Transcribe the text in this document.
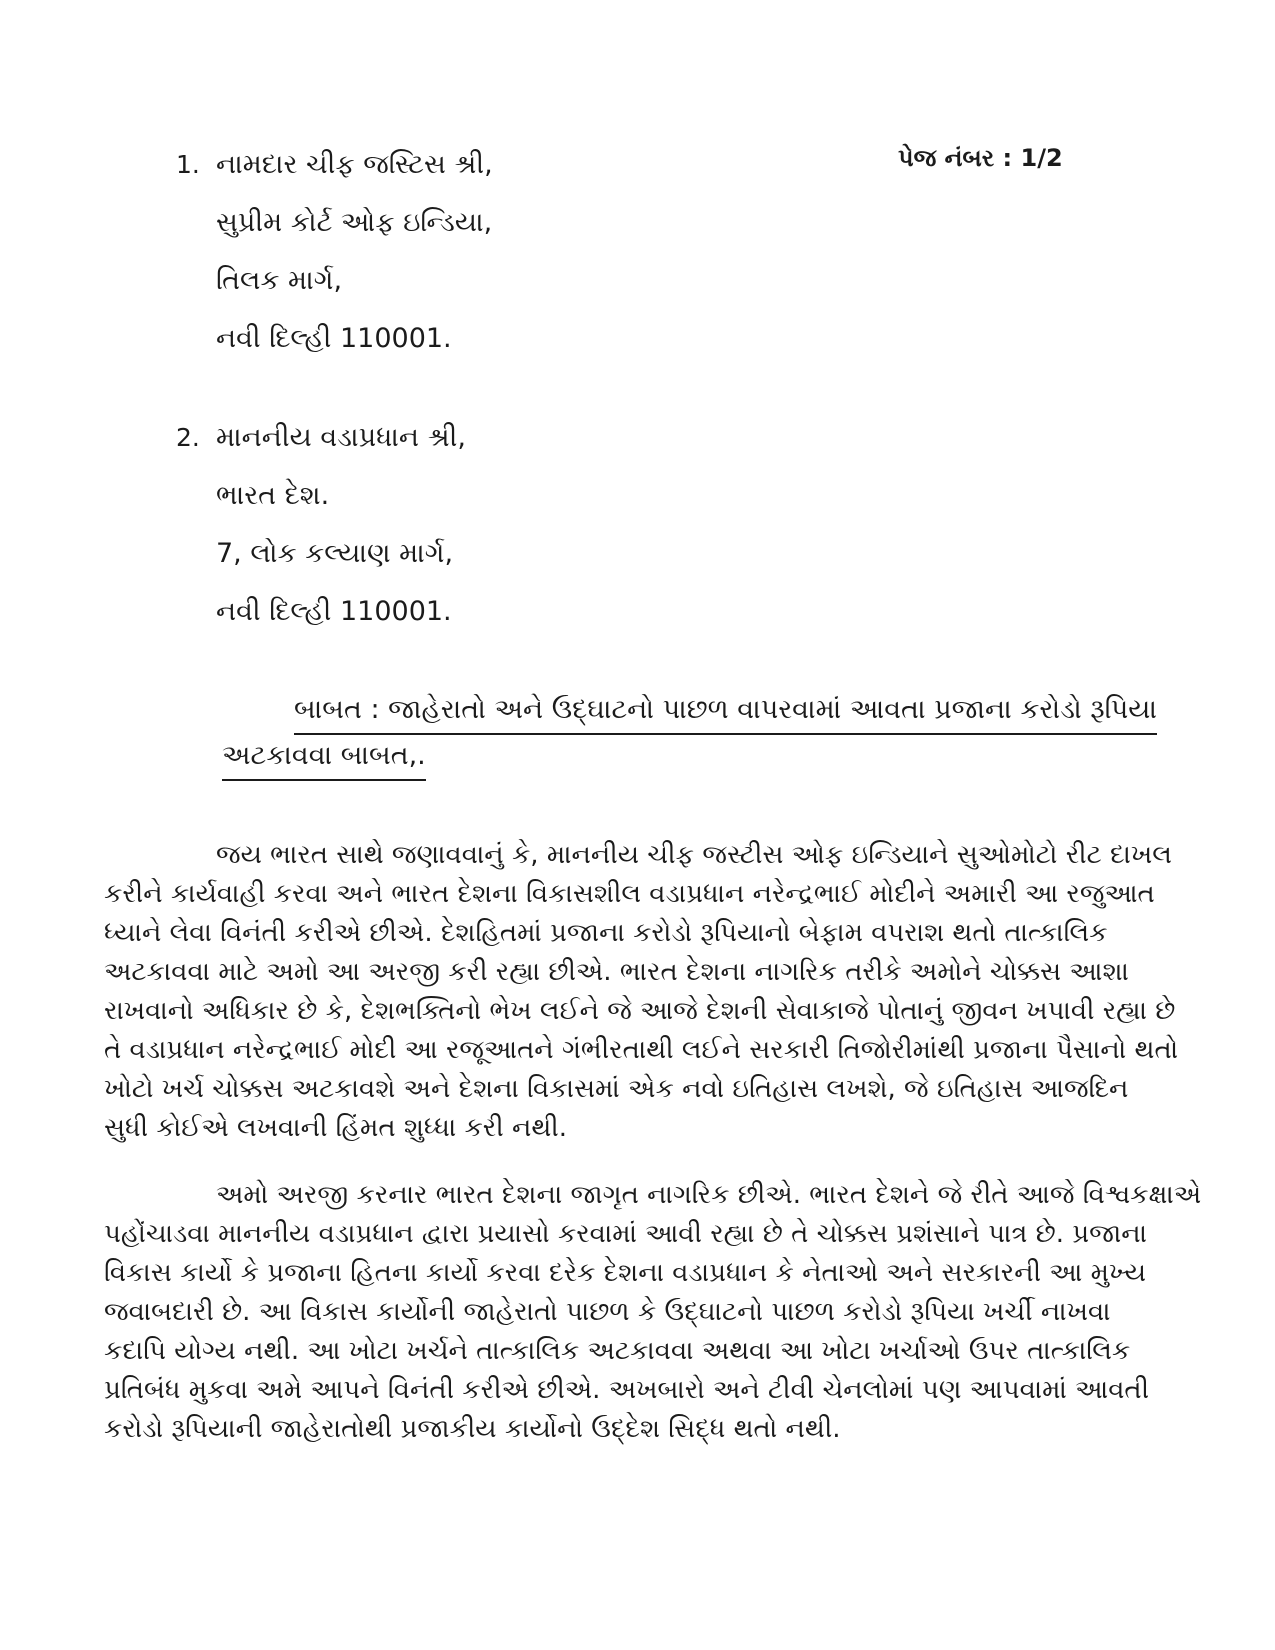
પેજ નંબર : 1/2
1. નામદાર ચીફ જસ્ટિસ શ્રી,
સુપ્રીમ કોર્ટ ઓફ ઇન્ડિયા,
તિલક માર્ગ,
નવી દિલ્હી 110001.
2. માનનીય વડાપ્રધાન શ્રી,
ભારત દેશ.
7, લોક કલ્યાણ માર્ગ,
નવી દિલ્હી 110001.
બાબત : જાહેરાતો અને ઉદ્ઘાટનો પાછળ વાપરવામાં આવતા પ્રજાના કરોડો રૂપિયા
અટકાવવા બાબત,.
જય ભારત સાથે જણાવવાનું કે, માનનીય ચીફ જસ્ટીસ ઓફ ઇન્ડિયાને સુઓમોટો રીટ દાખલ
કરીને કાર્યવાહી કરવા અને ભારત દેશના વિકાસશીલ વડાપ્રધાન નરેન્દ્રભાઈ મોદીને અમારી આ રજુઆત
ધ્યાને લેવા વિનંતી કરીએ છીએ. દેશહિતમાં પ્રજાના કરોડો રૂપિયાનો બેફામ વપરાશ થતો તાત્કાલિક
અટકાવવા માટે અમો આ અરજી કરી રહ્યા છીએ. ભારત દેશના નાગરિક તરીકે અમોને ચોક્કસ આશા
રાખવાનો અધિકાર છે કે, દેશભક્તિનો ભેખ લઈને જે આજે દેશની સેવાકાજે પોતાનું જીવન ખપાવી રહ્યા છે
તે વડાપ્રધાન નરેન્દ્રભાઈ મોદી આ રજૂઆતને ગંભીરતાથી લઈને સરકારી તિજોરીમાંથી પ્રજાના પૈસાનો થતો
ખોટો ખર્ચ ચોક્કસ અટકાવશે અને દેશના વિકાસમાં એક નવો ઇતિહાસ લખશે, જે ઇતિહાસ આજદિન
સુધી કોઈએ લખવાની હિંમત શુધ્ધા કરી નથી.
અમો અરજી કરનાર ભારત દેશના જાગૃત નાગરિક છીએ. ભારત દેશને જે રીતે આજે વિશ્વકક્ષાએ
પહોંચાડવા માનનીય વડાપ્રધાન દ્વારા પ્રયાસો કરવામાં આવી રહ્યા છે તે ચોક્કસ પ્રશંસાને પાત્ર છે. પ્રજાના
વિકાસ કાર્યો કે પ્રજાના હિતના કાર્યો કરવા દરેક દેશના વડાપ્રધાન કે નેતાઓ અને સરકારની આ મુખ્ય
જવાબદારી છે. આ વિકાસ કાર્યોની જાહેરાતો પાછળ કે ઉદ્ઘાટનો પાછળ કરોડો રૂપિયા ખર્ચી નાખવા
કદાપિ યોગ્ય નથી. આ ખોટા ખર્ચને તાત્કાલિક અટકાવવા અથવા આ ખોટા ખર્ચાઓ ઉપર તાત્કાલિક
પ્રતિબંધ મુકવા અમે આપને વિનંતી કરીએ છીએ. અખબારો અને ટીવી ચેનલોમાં પણ આપવામાં આવતી
કરોડો રૂપિયાની જાહેરાતોથી પ્રજાકીય કાર્યોનો ઉદ્દેશ સિદ્ધ થતો નથી.
